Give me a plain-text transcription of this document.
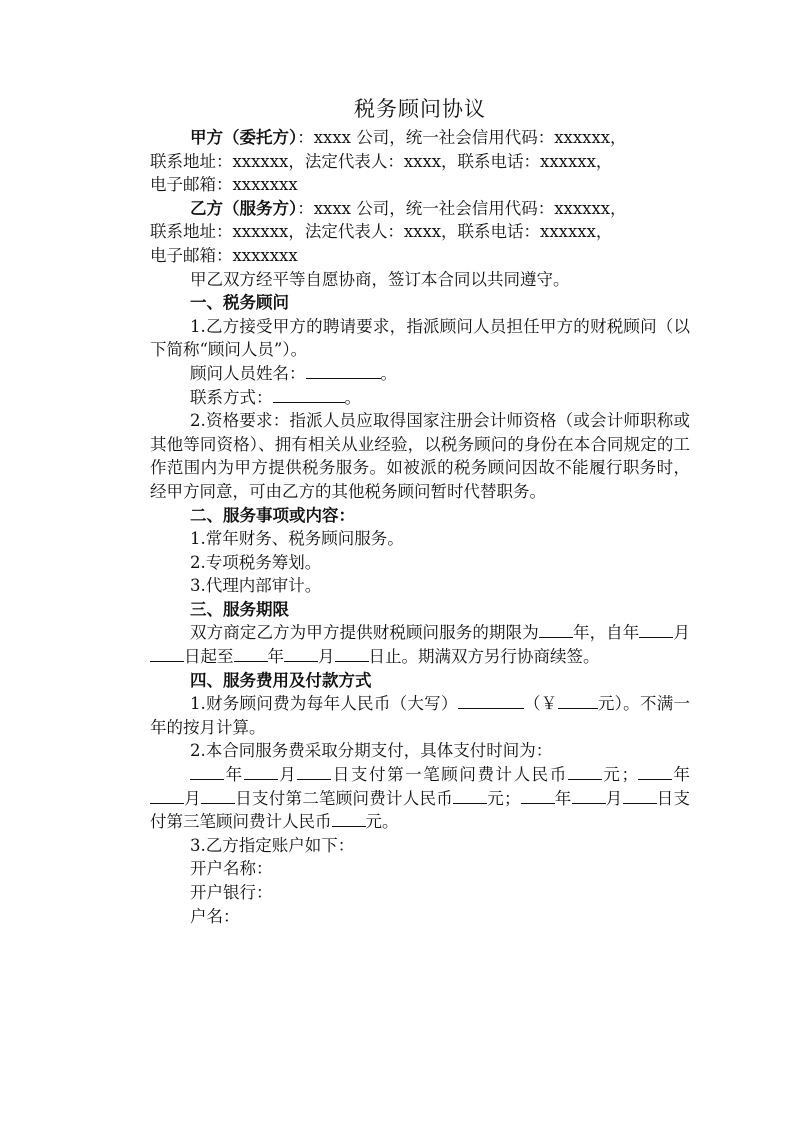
税务顾问协议

甲方（委托方）：xxxx 公司，统一社会信用代码：xxxxxx，

联系地址：xxxxxx，法定代表人：xxxx，联系电话：xxxxxx，

电子邮箱：xxxxxxx

乙方（服务方）：xxxx 公司，统一社会信用代码：xxxxxx，

联系地址：xxxxxx，法定代表人：xxxx，联系电话：xxxxxx，

电子邮箱：xxxxxxx

甲乙双方经平等自愿协商，签订本合同以共同遵守。

一、税务顾问

1.乙方接受甲方的聘请要求，指派顾问人员担任甲方的财税顾问（以下简称“顾问人员”）。

顾问人员姓名：	。

联系方式：	。

2.资格要求：指派人员应取得国家注册会计师资格（或会计师职称或其他等同资格）、拥有相关从业经验，以税务顾问的身份在本合同规定的工作范围内为甲方提供税务服务。如被派的税务顾问因故不能履行职务时，经甲方同意，可由乙方的其他税务顾问暂时代替职务。

二、服务事项或内容：

1.常年财务、税务顾问服务。

2.专项税务筹划。

3.代理内部审计。

三、服务期限

双方商定乙方为甲方提供财税顾问服务的期限为 年，自年 月日起至 年 月 日止。期满双方另行协商续签。

四、服务费用及付款方式

1.财务顾问费为每年人民币（大写）	（￥ 元）。不满一年的按月计算。

2.本合同服务费采取分期支付，具体支付时间为：

年 月 日支付第一笔顾问费计人民币 元； 年月 日支付第二笔顾问费计人民币 元； 年 月 日支付第三笔顾问费计人民币 元。

3.乙方指定账户如下：

开户名称：

开户银行：

户名：
